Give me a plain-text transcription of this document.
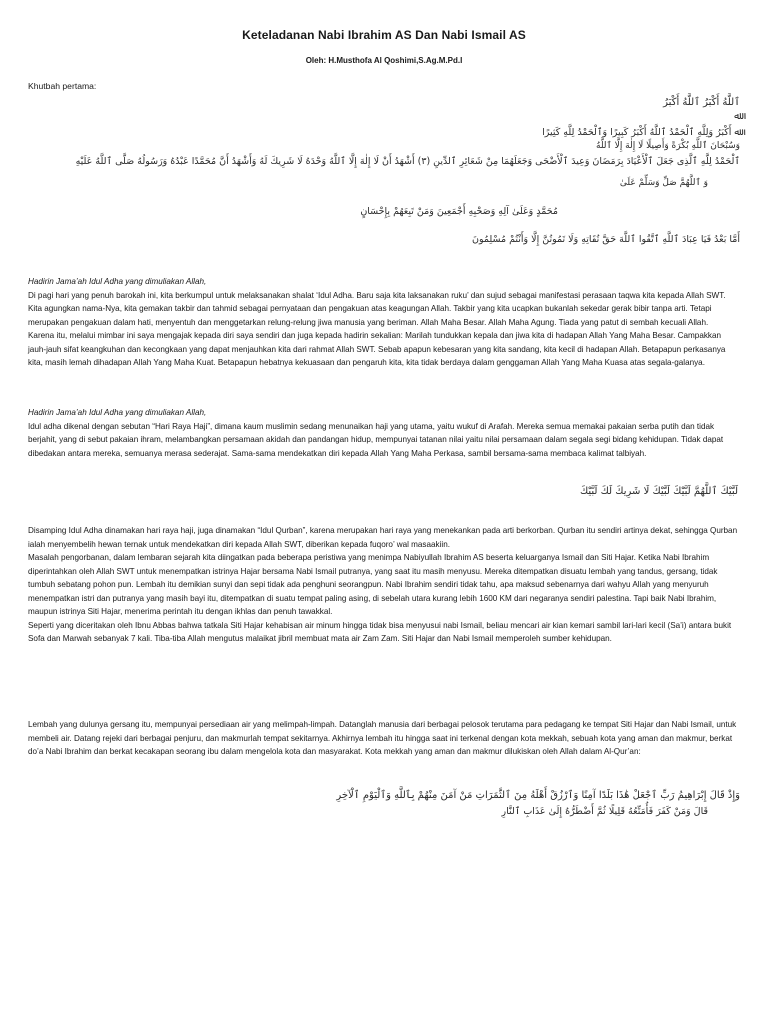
Keteladanan Nabi Ibrahim AS Dan Nabi Ismail AS
Oleh: H.Musthofa Al Qoshimi,S.Ag.M.Pd.I
Khutbah pertama:
ٱللَّهُ أَكْبَرُ ٱللَّهُ أَكْبَرُ
ﷲ
ﷲ أَكْبَرُ وَلِلَّهِ ٱلْحَمْدُ ٱللَّهُ أَكْبَرُ كَبِيرًا وَٱلْحَمْدُ لِلَّهِ كَثِيرًا
وَسُبْحَانَ ٱللَّهِ بُكْرَةً وَأَصِيلًا لَا إِلٰهَ إِلَّا ٱللَّهُ
ٱلْحَمْدُ لِلَّهِ ٱلَّذِى جَعَلَ ٱلْأَعْيَادَ بِرَمَضَانَ وَعِيدَ ٱلْأَضْحَى وَجَعَلَهُمَا مِنْ شَعَائِرِ ٱلدِّينِ (٣) أَشْهَدُ أَنْ لَا إِلٰهَ إِلَّا ٱللَّهُ وَحْدَهُ لَا شَرِيكَ لَهُ وَأَشْهَدُ أَنَّ مُحَمَّدًا عَبْدُهُ وَرَسُولُهُ صَلَّى ٱللَّهُ عَلَيْهِ
وَ ٱللَّهُمَّ صَلِّ وَسَلِّمْ عَلَىٰ
مُحَمَّدٍ وَعَلَىٰ آلِهِ وَصَحْبِهِ أَجْمَعِينَ وَمَنْ تَبِعَهُمْ بِإِحْسَانٍ
أَمَّا بَعْدُ فَيَا عِبَادَ ٱللَّهِ ٱتَّقُوا ٱللَّهَ حَقَّ تُقَاتِهِ وَلَا تَمُوتُنَّ إِلَّا وَأَنْتُمْ مُسْلِمُونَ

Hadirin Jama’ah Idul Adha yang dimuliakan Allah,

Di pagi hari yang penuh barokah ini, kita berkumpul untuk melaksanakan shalat ‘Idul Adha. Baru saja kita laksanakan ruku’ dan sujud sebagai manifestasi perasaan taqwa kita kepada Allah SWT. Kita agungkan nama-Nya, kita gemakan takbir dan tahmid sebagai pernyataan dan pengakuan atas keagungan Allah. Takbir yang kita ucapkan bukanlah sekedar gerak bibir tanpa arti. Tetapi merupakan pengakuan dalam hati, menyentuh dan menggetarkan relung-relung jiwa manusia yang beriman. Allah Maha Besar. Allah Maha Agung. Tiada yang patut di sembah kecuali Allah.

Karena itu, melalui mimbar ini saya mengajak kepada diri saya sendiri dan juga kepada hadirin sekalian: Marilah tundukkan kepala dan jiwa kita di hadapan Allah Yang Maha Besar. Campakkan jauh-jauh sifat keangkuhan dan kecongkaan yang dapat menjauhkan kita dari rahmat Allah SWT. Sebab apapun kebesaran yang kita sandang, kita kecil di hadapan Allah. Betapapun perkasanya kita, masih lemah dihadapan Allah Yang Maha Kuat. Betapapun hebatnya kekuasaan dan pengaruh kita, kita tidak berdaya dalam genggaman Allah Yang Maha Kuasa atas segala-galanya.

Hadirin Jama’ah Idul Adha yang dimuliakan Allah,

Idul adha dikenal dengan sebutan “Hari Raya Haji”, dimana kaum muslimin sedang menunaikan haji yang utama, yaitu wukuf di Arafah. Mereka semua memakai pakaian serba putih dan tidak berjahit, yang di sebut pakaian ihram, melambangkan persamaan akidah dan pandangan hidup, mempunyai tatanan nilai yaitu nilai persamaan dalam segala segi bidang kehidupan. Tidak dapat dibedakan antara mereka, semuanya merasa sederajat. Sama-sama mendekatkan diri kepada Allah Yang Maha Perkasa, sambil bersama-sama membaca kalimat talbiyah.

لَبَّيْكَ ٱللَّهُمَّ لَبَّيْكَ لَبَّيْكَ لَا شَرِيكَ لَكَ لَبَّيْكَ

Disamping Idul Adha dinamakan hari raya haji, juga dinamakan “Idul Qurban”, karena merupakan hari raya yang menekankan pada arti berkorban. Qurban itu sendiri artinya dekat, sehingga Qurban ialah menyembelih hewan ternak untuk mendekatkan diri kepada Allah SWT, diberikan kepada fuqoro’ wal masaakiin.

Masalah pengorbanan, dalam lembaran sejarah kita diingatkan pada beberapa peristiwa yang menimpa Nabiyullah Ibrahim AS beserta keluarganya Ismail dan Siti Hajar. Ketika Nabi Ibrahim diperintahkan oleh Allah SWT untuk menempatkan istrinya Hajar bersama Nabi Ismail putranya, yang saat itu masih menyusu. Mereka ditempatkan disuatu lembah yang tandus, gersang, tidak tumbuh sebatang pohon pun. Lembah itu demikian sunyi dan sepi tidak ada penghuni seorangpun. Nabi Ibrahim sendiri tidak tahu, apa maksud sebenarnya dari wahyu Allah yang menyuruh menempatkan istri dan putranya yang masih bayi itu, ditempatkan di suatu tempat paling asing, di sebelah utara kurang lebih 1600 KM dari negaranya sendiri palestina. Tapi baik Nabi Ibrahim, maupun istrinya Siti Hajar, menerima perintah itu dengan ikhlas dan penuh tawakkal.

Seperti yang diceritakan oleh Ibnu Abbas bahwa tatkala Siti Hajar kehabisan air minum hingga tidak bisa menyusui nabi Ismail, beliau mencari air kian kemari sambil lari-lari kecil (Sa’i) antara bukit Sofa dan Marwah sebanyak 7 kali. Tiba-tiba Allah mengutus malaikat jibril membuat mata air Zam Zam. Siti Hajar dan Nabi Ismail memperoleh sumber kehidupan.

Lembah yang dulunya gersang itu, mempunyai persediaan air yang melimpah-limpah. Datanglah manusia dari berbagai pelosok terutama para pedagang ke tempat Siti Hajar dan Nabi Ismail, untuk membeli air. Datang rejeki dari berbagai penjuru, dan makmurlah tempat sekitarnya. Akhirnya lembah itu hingga saat ini terkenal dengan kota mekkah, sebuah kota yang aman dan makmur, berkat do’a Nabi Ibrahim dan berkat kecakapan seorang ibu dalam mengelola kota dan masyarakat. Kota mekkah yang aman dan makmur dilukiskan oleh Allah dalam Al-Qur’an:

وَإِذْ قَالَ إِبْرَاهِيمُ رَبِّ ٱجْعَلْ هَٰذَا بَلَدًا آمِنًا وَٱرْزُقْ أَهْلَهُ مِنَ ٱلثَّمَرَاتِ مَنْ آمَنَ مِنْهُمْ بِٱللَّهِ وَٱلْيَوْمِ ٱلْآخِرِ
قَالَ وَمَنْ كَفَرَ فَأُمَتِّعُهُ قَلِيلًا ثُمَّ أَضْطَرُّهُ إِلَىٰ عَذَابِ ٱلنَّارِ
